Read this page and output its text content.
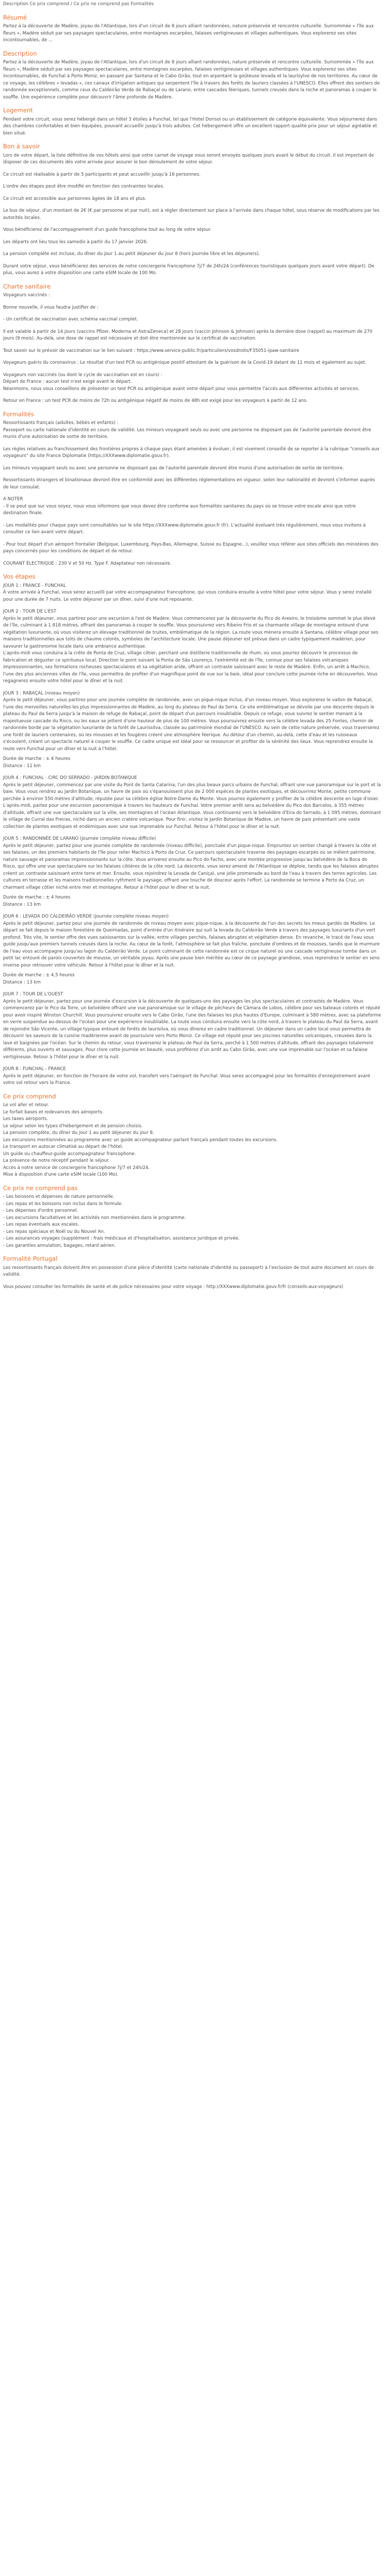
Description Ce prix comprend / Ce prix ne comprend pas Formalités
Résumé

Partez à la découverte de Madère, joyau de l'Atlantique, lors d'un circuit de 8 jours alliant randonnées, nature préservée et rencontre culturelle. Surnommée « l'île aux fleurs », Madère séduit par ses paysages spectaculaires, entre montagnes escarpées, falaises vertigineuses et villages authentiques. Vous explorerez ses sites incontournables, de ...

Description

Partez à la découverte de Madère, joyau de l'Atlantique, lors d'un circuit de 8 jours alliant randonnées, nature préservée et rencontre culturelle. Surnommée « l'île aux fleurs », Madère séduit par ses paysages spectaculaires, entre montagnes escarpées, falaises vertigineuses et villages authentiques. Vous explorerez ses sites incontournables, de Funchal à Porto Moniz, en passant par Santana et le Cabo Girão, tout en arpentant la goûteuse levada et la laurisylve de nos territoires. Au cœur de ce voyage, les célèbres « levadas », ces canaux d'irrigation antiques qui serpentent l'île à travers des forêts de lauriers classées à l'UNESCO. Elles offrent des sentiers de randonnée exceptionnels, comme ceux du Caldeirão Verde de Rabaçal ou de Larano, entre cascades féeriques, tunnels creusés dans la roche et panoramas à couper le souffle. Une expérience complète pour découvrir l'âme profonde de Madère.

Logement

Pendant votre circuit, vous serez hébergé dans un hôtel 3 étoiles à Funchal, tel que l'Hotel Dorisol ou un établissement de catégorie équivalente. Vous séjournerez dans des chambres confortables et bien équipées, pouvant accueillir jusqu'à trois adultes. Cet hébergement offre un excellent rapport qualité-prix pour un séjour agréable et bien situé.

Bon à savoir

Lors de votre départ, la liste définitive de vos hôtels ainsi que votre carnet de voyage vous seront envoyés quelques jours avant le début du circuit. Il est important de disposer de ces documents dès votre arrivée pour assurer le bon déroulement de votre séjour.

Ce circuit est réalisable à partir de 5 participants et peut accueillir jusqu'à 16 personnes.

L'ordre des étapes peut être modifié en fonction des contraintes locales.

Ce circuit est accessible aux personnes âgées de 18 ans et plus.

Le bus de séjour, d'un montant de 2€ (€ par personne et par nuit), est à régler directement sur place à l'arrivée dans chaque hôtel, sous réserve de modifications par les autorités locales.

Vous bénéficierez de l'accompagnement d'un guide francophone tout au long de votre séjour.

Les départs ont lieu tous les samedis à partir du 17 janvier 2026.

La pension complète est incluse, du dîner du jour 1 au petit déjeuner du jour 8 (hors journée libre et les déjeuners).

Durant votre séjour, vous bénéficierez des services de notre conciergerie francophone 7j/7 de 24h/24 (conférences touristiques quelques jours avant votre départ). De plus, vous aurez à votre disposition une carte eSIM locale de 100 Mo.

Charte sanitaire

Voyageurs vaccinés :

Bonne nouvelle, il vous faudra justifier de :

- Un certificat de vaccination avec schéma vaccinal complet.

Il est valable à partir de 14 jours (vaccins Pfizer, Moderna et AstraZeneca) et 28 jours (vaccin Johnson & Johnson) après la dernière dose (rappel) au maximum de 270 jours (9 mois). Au-delà, une dose de rappel est nécessaire et doit être mentionnée sur le certificat de vaccination.

Tout savoir sur le prévoir de vaccination sur le lien suivant : https://www.service-public.fr/particuliers/vosdroits/F35051-ipaw-sanitaire

Voyageurs guéris du coronavirus : Le résultat d'un test PCR ou antigénique positif attestant de la guérison de la Covid-19 datant de 11 mois et également au sujet.

Voyageurs non vaccinés (ou dont le cycle de vaccination est en cours) :

Départ de France : aucun test n'est exigé avant le départ.

Néanmoins, nous vous conseillons de présenter un test PCR ou antigénique avant votre départ pour vous permettre l'accès aux différentes activités et services.

Retour en France : un test PCR de moins de 72h ou antigénique négatif de moins de 48h est exigé pour les voyageurs à partir de 12 ans.

Formalités

Ressortissants français (adultes, bébés et enfants) :

Passeport ou carte nationale d'identité en cours de validité. Les mineurs voyageant seuls ou avec une personne ne disposant pas de l'autorité parentale devront être munis d'une autorisation de sortie de territoire.

Les règles relatives au franchissement des frontières propres à chaque pays étant amenées à évoluer, il est vivement conseillé de se reporter à la rubrique "conseils aux voyageurs" du site France Diplomatie (https://XXXwww.diplomatie.gouv.fr).

Les mineurs voyageant seuls ou avec une personne ne disposant pas de l'autorité parentale devront être munis d'une autorisation de sortie de territoire.

Ressortissants étrangers et binationaux devront être en conformité avec les différentes réglementations en vigueur, selon leur nationalité et devront s'informer auprès de leur consulat.

A NOTER

- Il se peut que sur vous soyez, nous vous informons que vous devez être conforme aux formalités sanitaires du pays où se trouve votre escale ainsi que votre destination finale.

- Les modalités pour chaque pays sont consultables sur le site https://XXXwww.diplomatie.gouv.fr (fr). L'actualité évoluant très régulièrement, nous vous invitons à consulter ce lien avant votre départ.

- Pour tout départ d'un aéroport frontalier (Belgique, Luxembourg, Pays-Bas, Allemagne, Suisse ou Espagne...), veuillez vous référer aux sites officiels des ministères des pays concernés pour les conditions de départ et de retour.

COURANT ÉLECTRIQUE : 230 V et 50 Hz. Type F. Adaptateur non nécessaire.

Vos étapes

JOUR 1 : FRANCE - FUNCHAL

À votre arrivée à Funchal, vous serez accueilli par votre accompagnateur francophone, qui vous conduira ensuite à votre hôtel pour votre séjour. Vous y serez installé pour une durée de 7 nuits. Le votre déjeuner par un dîner, suivi d'une nuit reposante.

JOUR 2 : TOUR DE L'EST

Après le petit déjeuner, vous partirez pour une excursion à l'est de Madère. Vous commencerez par la découverte du Pico do Areeiro, le troisième sommet le plus élevé de l'île, culminant à 1 818 mètres, offrant des panoramas à couper le souffle. Vous poursuivrez vers Ribeiro Frio et sa charmante village de montagne entouré d'une végétation luxuriante, où vous visiterez un élevage traditionnel de truites, emblématique de la région. La route vous mènera ensuite à Santana, célèbre village pour ses maisons traditionnelles aux toits de chaume colorés, symboles de l'architecture locale. Une pause déjeuner est prévue dans un cadre typiquement madérien, pour savourer la gastronomie locale dans une ambiance authentique.
L'après-midi vous conduira à la crête de Ponta de Cruz, village côtier, perchant une distillerie traditionnelle de rhum, où vous pourrez découvrir le processus de fabrication et déguster ce spiritueux local. Direction le point suivant la Ponta de São Lourenço, l'extrémité est de l'île, connue pour ses falaises volcaniques impressionnantes, ses formations rocheuses spectaculaires et sa végétation aride, offrant un contraste saisissant avec le reste de Madère. Enfin, un arrêt à Machico, l'une des plus anciennes villes de l'île, vous permettra de profiter d'un magnifique point de vue sur la baie, idéal pour conclure cette journée riche en découvertes. Vous regagnerez ensuite votre hôtel pour le dîner et la nuit.

JOUR 3 : RABAÇAL (niveau moyen)

Après le petit déjeuner, vous partirez pour une journée complète de randonnée, avec un pique-nique inclus, d'un niveau moyen. Vous explorerez le vallon de Rabaçal, l'une des merveilles naturelles les plus impressionnantes de Madère, au long du plateau de Paul da Serra. Ce site emblématique se dévoile par une descente depuis le plateau du Paul da Serra jusqu'à la maison de refuge de Rabaçal, point de départ d'un parcours inoubliable. Depuis ce refuge, vous suivrez le sentier menant à la majestueuse cascade du Risco, ou les eaux se jettent d'une hauteur de plus de 100 mètres. Vous poursuivrez ensuite vers la célèbre levada des 25 Fontes, chemin de randonnée bordé par la végétation luxuriante de la forêt de Laurissilva, classée au patrimoine mondial de l'UNESCO. Au sein de cette nature préservée, vous traverserez une forêt de lauriers centenaires, où les mousses et les fougères créent une atmosphère féerique. Au détour d'un chemin, au-delà, cette d'eau et les ruisseaux s'écoulent, créant un spectacle naturel à couper le souffle. Ce cadre unique est idéal pour se ressourcer et profiter de la sérénité des lieux. Vous reprendrez ensuite la route vers Funchal pour un dîner et la nuit à l'hôtel.

Durée de marche : ± 4 heures
Distance : 11 km

JOUR 4 : FUNCHAL - CIRC DO SERRADO - JARDIN BOTANIQUE

Après le petit déjeuner, commencez par une visite du Pont de Santa Catarina, l'un des plus beaux parcs urbains de Funchal, offrant une vue panoramique sur le port et la baie. Vous vous rendrez au Jardin Botanique, un havre de paix où s'épanouissent plus de 2 000 espèces de plantes exotiques, et découvrirez Monte, petite commune perchée à environ 550 mètres d'altitude, réputée pour sa célèbre église Notre-Dame du Monte. Vous pourrez également y profiter de la célèbre descente en luge d'osier.
L'après-midi, partez pour une excursion panoramique à travers les hauteurs de Funchal. Votre premier arrêt sera au belvédère du Pico dos Barcelos, à 355 mètres d'altitude, offrant une vue spectaculaire sur la ville, ses montagnes et l'océan Atlantique. Vous continuerez vers le belvédère d'Eira do Serrado, à 1 095 mètres, dominant le village de Curral das Freiras, niché dans un ancien cratère volcanique. Pour finir, visitez le Jardin Botanique de Madère, un havre de paix présentant une vaste collection de plantes exotiques et endémiques avec une vue imprenable sur Funchal. Retour à l'hôtel pour le dîner et la nuit.

JOUR 5 : RANDONNÉE DE LARANO (journée complète niveau difficile)

Après le petit déjeuner, partez pour une journée complète de randonnée (niveau difficile), ponctuée d'un pique-nique. Empruntez un sentier changé à travers la côte et ses falaises, un des premiers habitants de l'île pour relier Machico à Porto da Cruz. Ce parcours spectaculaire traverse des paysages escarpés où se mêlent patrimoine, nature sauvage et panoramas impressionnants sur la côte. Vous arriverez ensuite au Pico do Facho, avec une montée progressive jusqu'au belvédère de la Boca do Risco, qui offre une vue spectaculaire sur les falaises côtières de la côte nord. La descente, vous serez amené de l'Atlantique se déploie, tandis que les falaises abruptes créent un contraste saisissant entre terre et mer. Ensuite, vous rejoindrez la Levada do Caniçal, une jolie promenade au bord de l'eau à travers des terres agricoles. Les cultures en terrasse et les maisons traditionnelles rythment le paysage, offrant une touche de douceur après l'effort. La randonnée se termine à Porto da Cruz, un charmant village côtier niché entre mer et montagne. Retour à l'hôtel pour le dîner et la nuit.

Durée de marche : ± 4 heures
Distance : 13 km

JOUR 6 : LEVADA DO CALDEIRÃO VERDE (journée complète niveau moyen)

Après le petit déjeuner, partez pour une journée de randonnée de niveau moyen avec pique-nique, à la découverte de l'un des secrets les mieux gardés de Madère. Le départ se fait depuis le maison forestière de Queimadas, point d'entrée d'un itinéraire qui suit la levada du Caldeirão Verde à travers des paysages luxuriants d'un vert profond. Très vite, le sentier offre des vues saisissantes sur la vallée, entre villages perchés, falaises abruptes et végétation dense. En revanche, le tracé de l'eau vous guide jusqu'aux premiers tunnels creusés dans la roche. Au cœur de la forêt, l'atmosphère se fait plus fraîche, ponctuée d'ombres et de mousses, tandis que le murmure de l'eau vous accompagne jusqu'au lagon du Caldeirão Verde. Le point culminant de cette randonnée est ce cirque naturel où une cascade vertigineuse tombe dans un petit lac entouré de parois couvertes de mousse, un véritable joyau. Après une pause bien méritée au cœur de ce paysage grandiose, vous reprendrez le sentier en sens inverse pour retrouver votre véhicule. Retour à l'hôtel pour le dîner et la nuit.

Durée de marche : ± 4,5 heures
Distance : 13 km

JOUR 7 : TOUR DE L'OUEST

Après le petit déjeuner, partez pour une journée d'excursion à la découverte de quelques-uns des paysages les plus spectaculaires et contrastés de Madère. Vous commencerez par le Pico da Torre, un belvédère offrant une vue panoramique sur le village de pêcheurs de Câmara de Lobos, célèbre pour ses bateaux colorés et réputé pour avoir inspiré Winston Churchill. Vous poursuivrez ensuite vers le Cabo Girão, l'une des falaises les plus hautes d'Europe, culminant à 580 mètres, avec sa plateforme en verre suspendue au-dessus de l'océan pour une expérience inoubliable. La route vous conduira ensuite vers la côte nord, à travers le plateau du Paul da Serra, avant de rejoindre São Vicente, un village typique entouré de forêts de laurisilva, où vous dînerez en cadre traditionnel. Un déjeuner dans un cadre local vous permettra de découvrir les saveurs de la cuisine madérienne avant de poursuivre vers Porto Moniz. Ce village est réputé pour ses piscines naturelles volcaniques, creusées dans la lave et baignées par l'océan. Sur le chemin du retour, vous traverserez le plateau de Paul da Serra, perché à 1 500 mètres d'altitude, offrant des paysages totalement différents, plus ouverts et sauvages. Pour clore cette journée en beauté, vous profiterez d'un arrêt au Cabo Girão, avec une vue imprenable sur l'océan et sa falaise vertigineuse. Retour à l'hôtel pour le dîner et la nuit.

JOUR 8 : FUNCHAL - FRANCE

Après le petit déjeuner, en fonction de l'horaire de votre vol, transfert vers l'aéroport de Funchal. Vous serez accompagné pour les formalités d'enregistrement avant votre vol retour vers la France.

Ce prix comprend

Le vol aller et retour.

Le forfait bases et redevances des aéroports.

Les taxes aéroports.

Le séjour selon les types d'hébergement et de pension choisis.

La pension complète, du dîner du jour 1 au petit déjeuner du jour 8.

Les excursions mentionnées au programme avec un guide accompagnateur parlant français pendant toutes les excursions.

Le transport en autocar climatisé au départ de l'hôtel.

Un guide ou chauffeur-guide accompagnateur francophone.

La présence de notre réceptif pendant le séjour.

Accès à notre service de conciergerie francophone 7j/7 et 24h/24.

Mise à disposition d'une carte eSIM locale (100 Mo).

Ce prix ne comprend pas

- Les boissons et dépenses de nature personnelle.

- Les repas et les boissons non inclus dans le formule.

- Les dépenses d'ordre personnel.

- Les excursions facultatives et les activités non mentionnées dans le programme.

- Les repas éventuels aux escales.

- Les repas spéciaux et Noël ou du Nouvel An.

- Les assurances voyages (supplément : frais médicaux et d'hospitalisation, assistance juridique et privée.

- Les garanties annulation, bagages, retard aérien.

Formalité Portugal

Les ressortissants français doivent être en possession d'une pièce d'identité (carte nationale d'identité ou passeport) à l'exclusion de tout autre document en cours de validité.

Vous pouvez consulter les formalités de santé et de police nécessaires pour votre voyage : http://XXXwww.diplomatie.gouv.fr/fr (conseils-aux-voyageurs)
